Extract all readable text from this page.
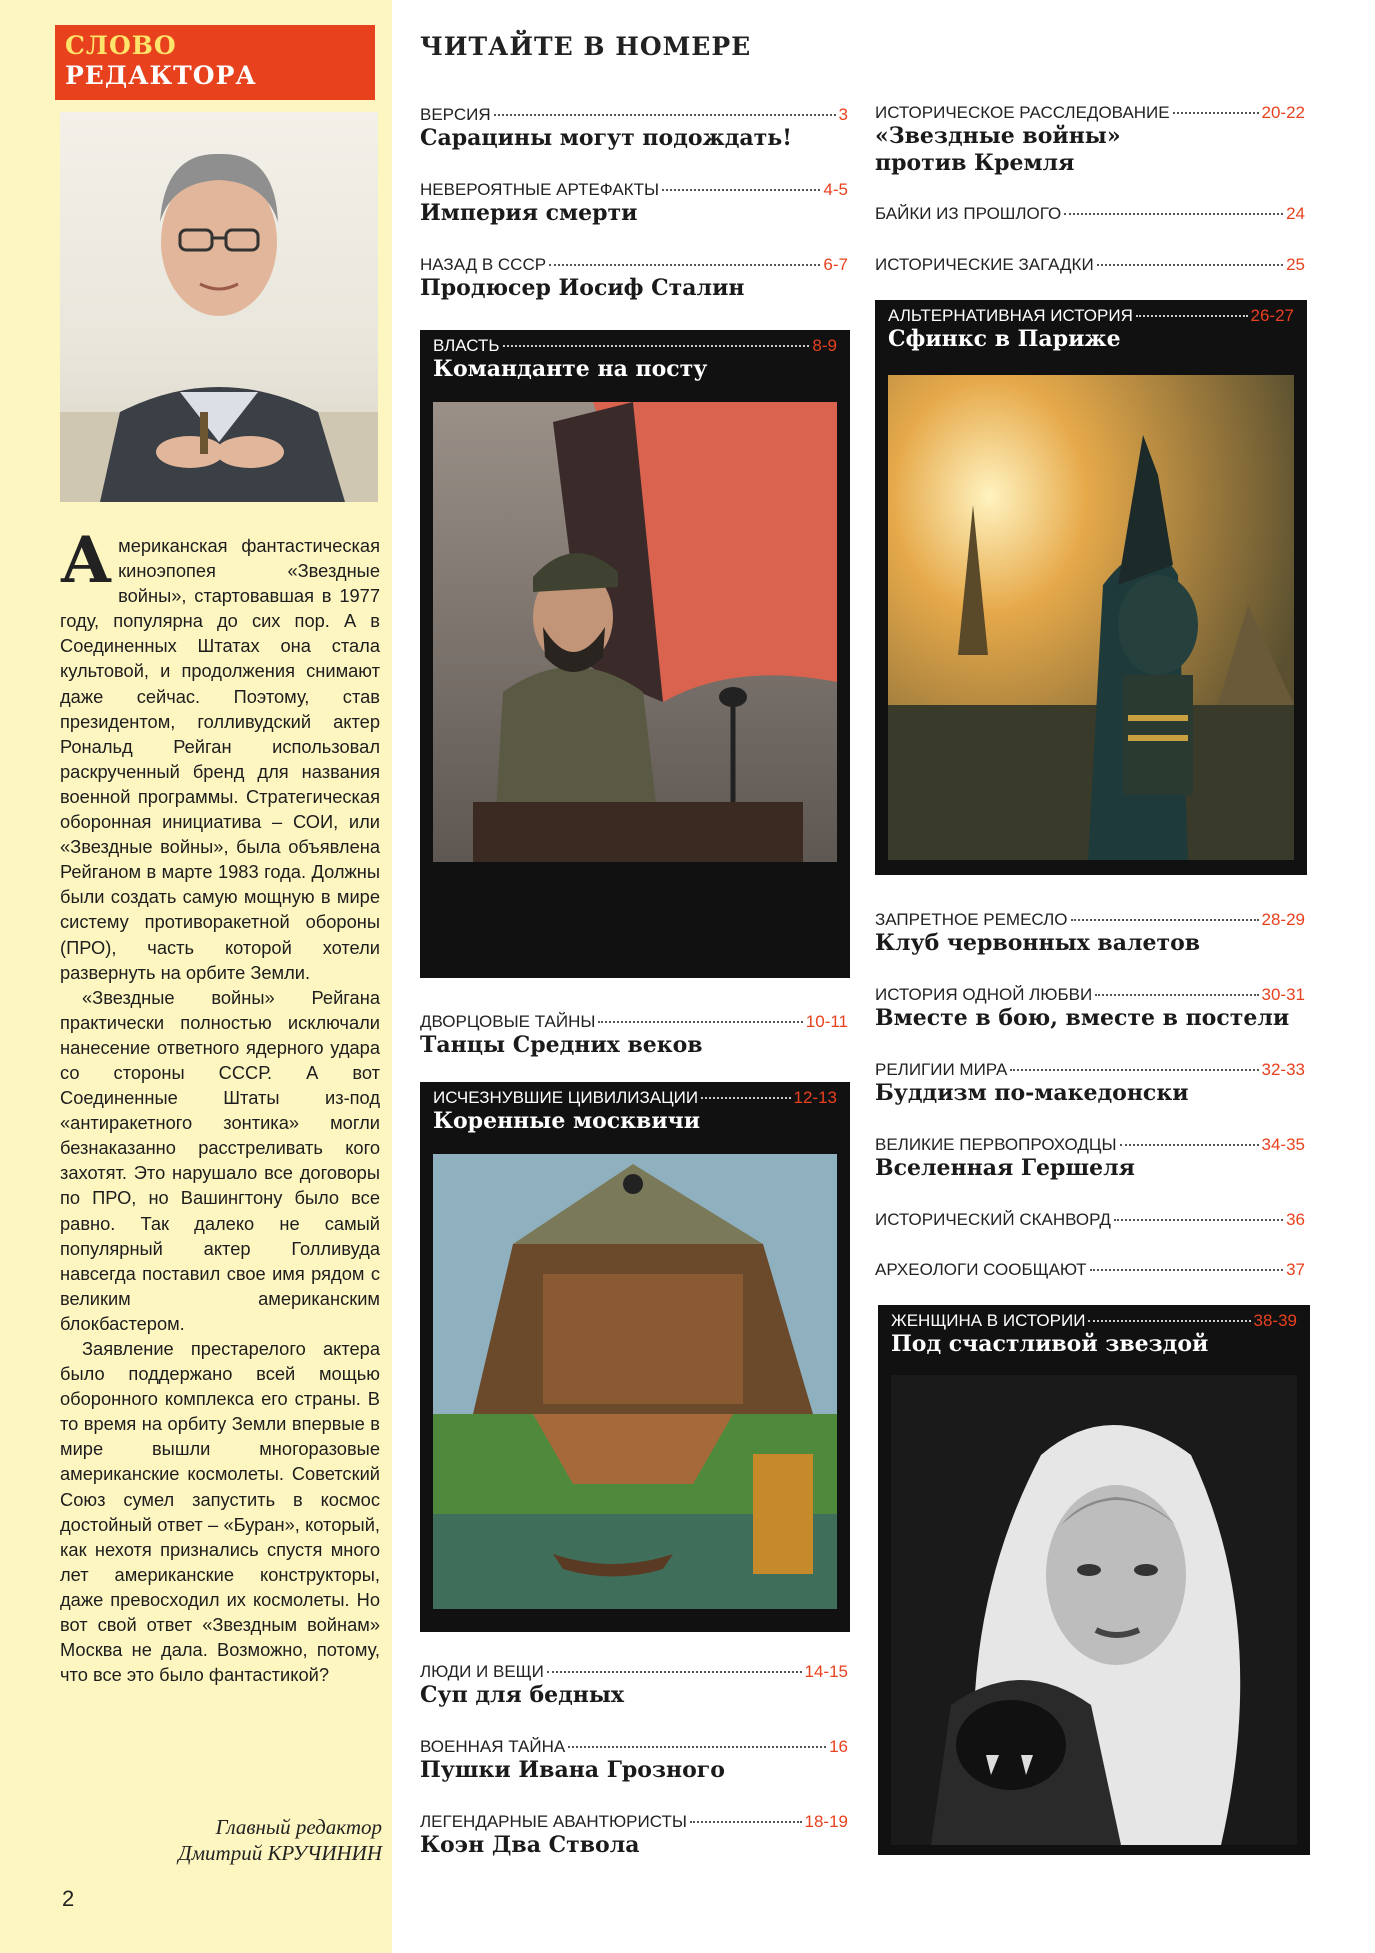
СЛОВО
РЕДАКТОРА

Американская фантастическая киноэпопея «Звездные войны», стартовавшая в 1977 году, популярна до сих пор. А в Соединенных Штатах она стала культовой, и продолжения снимают даже сейчас. Поэтому, став президентом, голливудский актер Рональд Рейган использовал раскрученный бренд для названия военной программы. Стратегическая оборонная инициатива – СОИ, или «Звездные войны», была объявлена Рейганом в марте 1983 года. Должны были создать самую мощную в мире систему противоракетной обороны (ПРО), часть которой хотели развернуть на орбите Земли.

«Звездные войны» Рейгана практически полностью исключали нанесение ответного ядерного удара со стороны СССР. А вот Соединенные Штаты из-под «антиракетного зонтика» могли безнаказанно расстреливать кого захотят. Это нарушало все договоры по ПРО, но Вашингтону было все равно. Так далеко не самый популярный актер Голливуда навсегда поставил свое имя рядом с великим американским блокбастером.

Заявление престарелого актера было поддержано всей мощью оборонного комплекса его страны. В то время на орбиту Земли впервые в мире вышли многоразовые американские космолеты. Советский Союз сумел запустить в космос достойный ответ – «Буран», который, как нехотя признались спустя много лет американские конструкторы, даже превосходил их космолеты. Но вот свой ответ «Звездным войнам» Москва не дала. Возможно, потому, что все это было фантастикой?

Главный редактор
Дмитрий КРУЧИНИН
2
ЧИТАЙТЕ В НОМЕРЕ
ВЕРСИЯ	3
Сарацины могут подождать!
НЕВЕРОЯТНЫЕ АРТЕФАКТЫ	4-5
Империя смерти
НАЗАД В СССР	6-7
Продюсер Иосиф Сталин
ВЛАСТЬ	8-9
Команданте на посту
ДВОРЦОВЫЕ ТАЙНЫ	10-11
Танцы Средних веков
ИСЧЕЗНУВШИЕ ЦИВИЛИЗАЦИИ	12-13
Коренные москвичи
ЛЮДИ И ВЕЩИ	14-15
Суп для бедных
ВОЕННАЯ ТАЙНА	16
Пушки Ивана Грозного
ЛЕГЕНДАРНЫЕ АВАНТЮРИСТЫ	18-19
Коэн Два Ствола
ИСТОРИЧЕСКОЕ РАССЛЕДОВАНИЕ	20-22
«Звездные войны»
против Кремля
БАЙКИ ИЗ ПРОШЛОГО	24
ИСТОРИЧЕСКИЕ ЗАГАДКИ	25
АЛЬТЕРНАТИВНАЯ ИСТОРИЯ	26-27
Сфинкс в Париже
ЗАПРЕТНОЕ РЕМЕСЛО	28-29
Клуб червонных валетов
ИСТОРИЯ ОДНОЙ ЛЮБВИ	30-31
Вместе в бою, вместе в постели
РЕЛИГИИ МИРА	32-33
Буддизм по-македонски
ВЕЛИКИЕ ПЕРВОПРОХОДЦЫ	34-35
Вселенная Гершеля
ИСТОРИЧЕСКИЙ СКАНВОРД	36
АРХЕОЛОГИ СООБЩАЮТ	37
ЖЕНЩИНА В ИСТОРИИ	38-39
Под счастливой звездой
